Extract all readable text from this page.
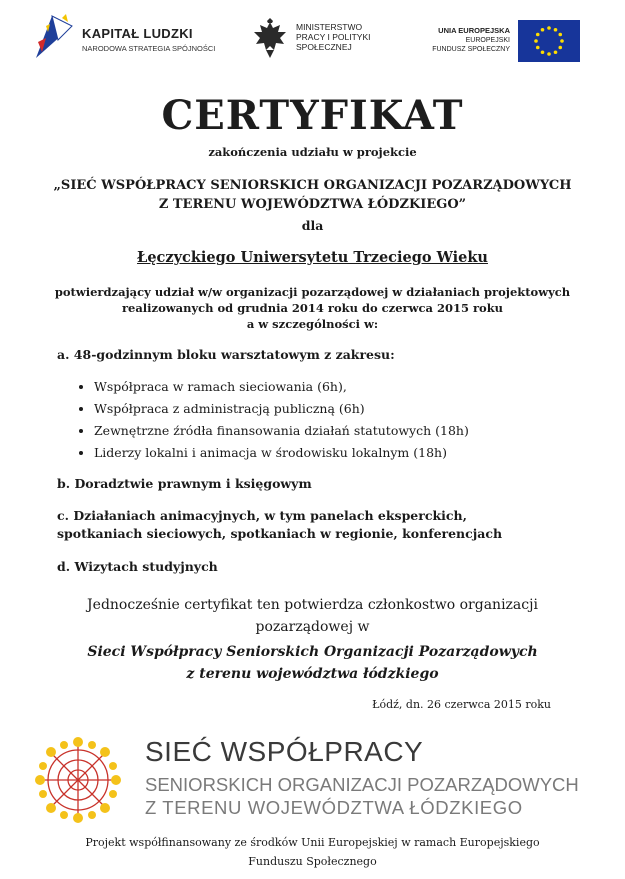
KAPITAŁ LUDZKI
NARODOWA STRATEGIA SPÓJNOŚCI
MINISTERSTWO
PRACY I POLITYKI
SPOŁECZNEJ
UNIA EUROPEJSKA
EUROPEJSKI
FUNDUSZ SPOŁECZNY
CERTYFIKAT
zakończenia udziału w projekcie
„SIEĆ WSPÓŁPRACY SENIORSKICH ORGANIZACJI POZARZĄDOWYCH
Z TERENU WOJEWÓDZTWA ŁÓDZKIEGO”
dla
Łęczyckiego Uniwersytetu Trzeciego Wieku
potwierdzający udział w/w organizacji pozarządowej w działaniach projektowych
realizowanych od grudnia 2014 roku do czerwca 2015 roku
a w szczególności w:
a. 48-godzinnym bloku warsztatowym z zakresu:
• Współpraca w ramach sieciowania (6h),
• Współpraca z administracją publiczną (6h)
• Zewnętrzne źródła finansowania działań statutowych (18h)
• Liderzy lokalni i animacja w środowisku lokalnym (18h)
b. Doradztwie prawnym i księgowym
c. Działaniach animacyjnych, w tym panelach eksperckich,
spotkaniach sieciowych, spotkaniach w regionie, konferencjach
d. Wizytach studyjnych
Jednocześnie certyfikat ten potwierdza członkostwo organizacji
pozarządowej w
Sieci Współpracy Seniorskich Organizacji Pozarządowych
z terenu województwa łódzkiego
Łódź, dn. 26 czerwca 2015 roku
SIEĆ WSPÓŁPRACY
SENIORSKICH ORGANIZACJI POZARZĄDOWYCH
Z TERENU WOJEWÓDZTWA ŁÓDZKIEGO
Projekt współfinansowany ze środków Unii Europejskiej w ramach Europejskiego
Funduszu Społecznego
